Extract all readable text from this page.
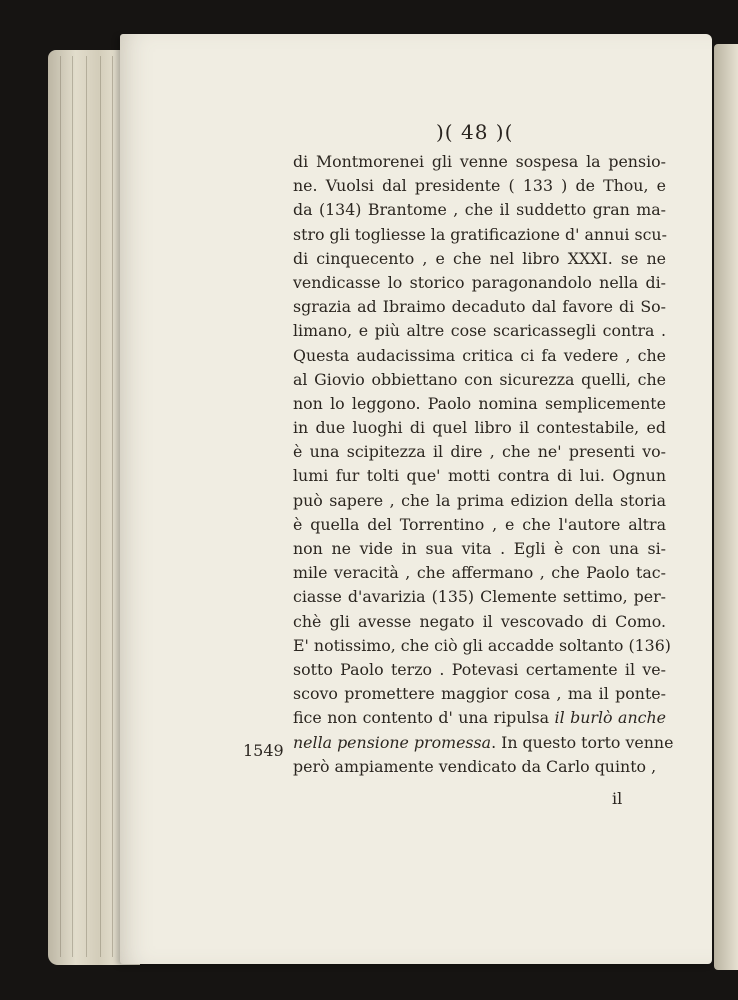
)( 48 )(
di Montmorenei gli venne sospesa la pensio-
ne. Vuolsi dal presidente ( 133 ) de Thou, e
da (134) Brantome , che il suddetto gran ma-
stro gli togliesse la gratificazione d' annui scu-
di cinquecento , e che nel libro XXXI. se ne
vendicasse lo storico paragonandolo nella di-
sgrazia ad Ibraimo decaduto dal favore di So-
limano, e più altre cose scaricassegli contra .
Questa audacissima critica ci fa vedere , che
al Giovio obbiettano con sicurezza quelli, che
non lo leggono. Paolo nomina semplicemente
in due luoghi di quel libro il contestabile, ed
è una scipitezza il dire , che ne' presenti vo-
lumi fur tolti que' motti contra di lui. Ognun
può sapere , che la prima edizion della storia
è quella del Torrentino , e che l'autore altra
non ne vide in sua vita . Egli è con una si-
mile veracità , che affermano , che Paolo tac-
ciasse d'avarizia (135) Clemente settimo, per-
chè gli avesse negato il vescovado di Como.
E' notissimo, che ciò gli accadde soltanto (136)
sotto Paolo terzo . Potevasi certamente il ve-
scovo promettere maggior cosa , ma il ponte-
fice non contento d' una ripulsa il burlò anche
nella pensione promessa. In questo torto venne
però ampiamente vendicato da Carlo quinto ,
1549
il
